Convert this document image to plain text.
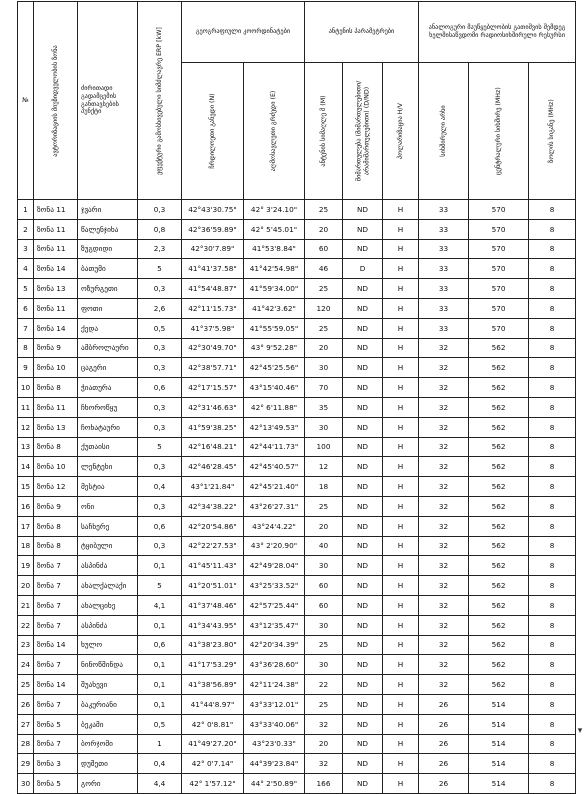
№	ავტორიზაციის მიუზიდველობის ზონა	ძირითადი გადამცემის განთავსების პუნქტი	ეფექტური გამოსხივებული სიმძლავრე ERP [kW]	გეოგრაფიული კოორდინატები		ანტენის პარამეტრები			ანალოგური მაუწყებლობის გათიშვის შემდეგ ხელმისაწვდომი რადიოსიხშირული რესურსი		

				ჩრდილოეთი განედი (N)	აღმოსავლეთი გრძედი (E)	ანტენის სიმაღლე მ (M)	მიმართულება (მიმართულებითი/არამიმართულებითი) (D/ND)	პოლარიზაცია H/V	სიხშირული არხი	ცენტრალური სიხშირე (MHz)	ზოლის სიგანე (MHz)

1	ზონა 11	ჯვარი	0,3	42°43'30.75"	42° 3'24.10"	25	ND	H	33	570	8
2	ზონა 11	წალენჯიხა	0,8	42°36'59.89"	42° 5'45.01"	20	ND	H	33	570	8
3	ზონა 11	ზუგდიდი	2,3	42°30'7.89"	41°53'8.84"	60	ND	H	33	570	8
4	ზონა 14	ბათუმი	5	41°41'37.58"	41°42'54.98"	46	D	H	33	570	8
5	ზონა 13	ოზურგეთი	0,3	41°54'48.87"	41°59'34.00"	25	ND	H	33	570	8
6	ზონა 11	ფოთი	2,6	42°11'15.73"	41°42'3.62"	120	ND	H	33	570	8
7	ზონა 14	ქედა	0,5	41°37'5.98"	41°55'59.05"	25	ND	H	33	570	8
8	ზონა 9	ამბროლაური	0,3	42°30'49.70"	43° 9'52.28"	20	ND	H	32	562	8
9	ზონა 10	ცაგერი	0,3	42°38'57.71"	42°45'25.56"	30	ND	H	32	562	8
10	ზონა 8	ჭიათურა	0,6	42°17'15.57"	43°15'40.46"	70	ND	H	32	562	8
11	ზონა 11	ჩხოროწყუ	0,3	42°31'46.63"	42° 6'11.88"	35	ND	H	32	562	8
12	ზონა 13	ჩოხატაური	0,3	41°59'38.25"	42°13'49.53"	30	ND	H	32	562	8
13	ზონა 8	ქუთაისი	5	42°16'48.21"	42°44'11.73"	100	ND	H	32	562	8
14	ზონა 10	ლენტეხი	0,3	42°46'28.45"	42°45'40.57"	12	ND	H	32	562	8
15	ზონა 12	მესტია	0,4	43°1'21.84"	42°45'21.40"	18	ND	H	32	562	8
16	ზონა 9	ონი	0,3	42°34'38.22"	43°26'27.31"	25	ND	H	32	562	8
17	ზონა 8	საჩხერე	0,6	42°20'54.86"	43°24'4.22"	20	ND	H	32	562	8
18	ზონა 8	ტყიბული	0,3	42°22'27.53"	43° 2'20.90"	40	ND	H	32	562	8
19	ზონა 7	ასპინძა	0,1	41°45'11.43"	42°49'28.04"	30	ND	H	32	562	8
20	ზონა 7	ახალქალაქი	5	41°20'51.01"	43°25'33.52"	60	ND	H	32	562	8
21	ზონა 7	ახალციხე	4,1	41°37'48.46"	42°57'25.44"	60	ND	H	32	562	8
22	ზონა 7	ასპინძა	0,1	41°34'43.95"	43°12'35.47"	30	ND	H	32	562	8
23	ზონა 14	ხულო	0,6	41°38'23.80"	42°20'34.39"	25	ND	H	32	562	8
24	ზონა 7	ნინოწმინდა	0,1	41°17'53.29"	43°36'28.60"	30	ND	H	32	562	8
25	ზონა 14	შუახევი	0,1	41°38'56.89"	42°11'24.38"	22	ND	H	32	562	8
26	ზონა 7	ბაკურიანი	0,1	41°44'8.97"	43°33'12.01"	25	ND	H	26	514	8
27	ზონა 5	ბეკამი	0,5	42° 0'8.81"	43°33'40.06"	32	ND	H	26	514	8
28	ზონა 7	ბორჯომი	1	41°49'27.20"	43°23'0.33"	20	ND	H	26	514	8
29	ზონა 3	დუშეთი	0,4	42° 0'7.14"	44°39'23.84"	32	ND	H	26	514	8
30	ზონა 5	გორი	4,4	42° 1'57.12"	44° 2'50.89"	166	ND	H	26	514	8
▾
